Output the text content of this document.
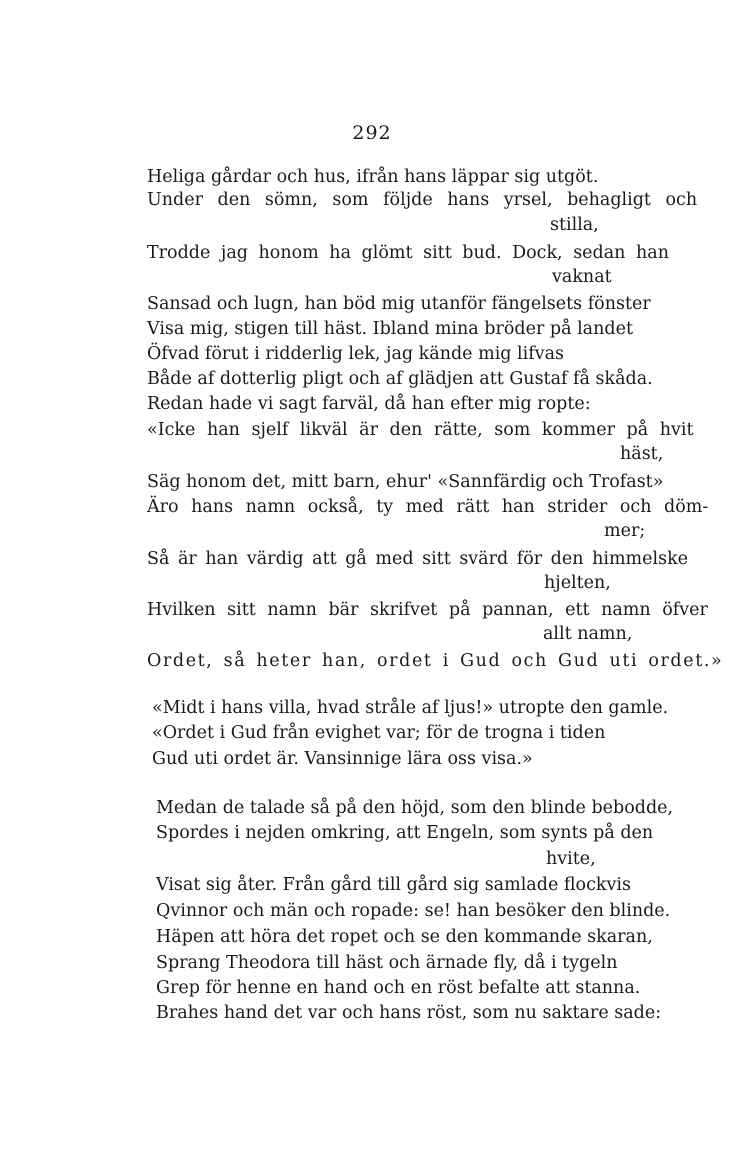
292
Heliga gårdar och hus, ifrån hans läppar sig utgöt.
Under den sömn, som följde hans yrsel, behagligt och
stilla,
Trodde jag honom ha glömt sitt bud. Dock, sedan han
vaknat
Sansad och lugn, han böd mig utanför fängelsets fönster
Visa mig, stigen till häst. Ibland mina bröder på landet
Öfvad förut i ridderlig lek, jag kände mig lifvas
Både af dotterlig pligt och af glädjen att Gustaf få skåda.
Redan hade vi sagt farväl, då han efter mig ropte:
«Icke han sjelf likväl är den rätte, som kommer på hvit
häst,
Säg honom det, mitt barn, ehur' «Sannfärdig och Trofast»
Äro hans namn också, ty med rätt han strider och döm-
mer;
Så är han värdig att gå med sitt svärd för den himmelske
hjelten,
Hvilken sitt namn bär skrifvet på pannan, ett namn öfver
allt namn,
Ordet, så heter han, ordet i Gud och Gud uti ordet.»
«Midt i hans villa, hvad stråle af ljus!» utropte den gamle.
«Ordet i Gud från evighet var; för de trogna i tiden
Gud uti ordet är. Vansinnige lära oss visa.»
Medan de talade så på den höjd, som den blinde bebodde,
Spordes i nejden omkring, att Engeln, som synts på den
hvite,
Visat sig åter. Från gård till gård sig samlade flockvis
Qvinnor och män och ropade: se! han besöker den blinde.
Häpen att höra det ropet och se den kommande skaran,
Sprang Theodora till häst och ärnade fly, då i tygeln
Grep för henne en hand och en röst befalte att stanna.
Brahes hand det var och hans röst, som nu saktare sade:
